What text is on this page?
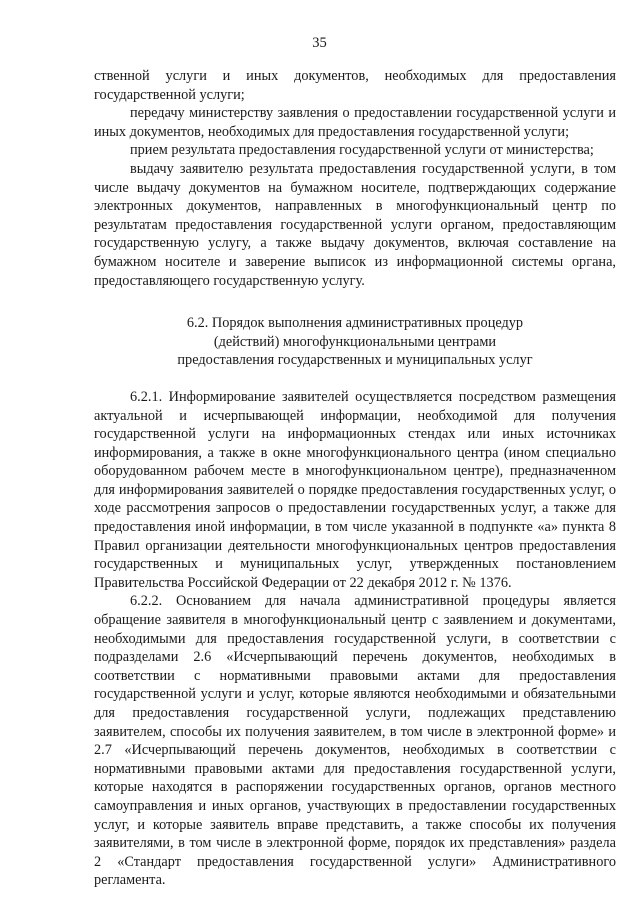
35

ственной услуги и иных документов, необходимых для предоставления государственной услуги;

передачу министерству заявления о предоставлении государственной услуги и иных документов, необходимых для предоставления государственной услуги;

прием результата предоставления государственной услуги от министерства;

выдачу заявителю результата предоставления государственной услуги, в том числе выдачу документов на бумажном носителе, подтверждающих содержание электронных документов, направленных в многофункциональный центр по результатам предоставления государственной услуги органом, предоставляющим государственную услугу, а также выдачу документов, включая составление на бумажном носителе и заверение выписок из информационной системы органа, предоставляющего государственную услугу.

6.2. Порядок выполнения административных процедур
(действий) многофункциональными центрами
предоставления государственных и муниципальных услуг

6.2.1. Информирование заявителей осуществляется посредством размещения актуальной и исчерпывающей информации, необходимой для получения государственной услуги на информационных стендах или иных источниках информирования, а также в окне многофункционального центра (ином специально оборудованном рабочем месте в многофункциональном центре), предназначенном для информирования заявителей о порядке предоставления государственных услуг, о ходе рассмотрения запросов о предоставлении государственных услуг, а также для предоставления иной информации, в том числе указанной в подпункте «а» пункта 8 Правил организации деятельности многофункциональных центров предоставления государственных и муниципальных услуг, утвержденных постановлением Правительства Российской Федерации от 22 декабря 2012 г. № 1376.

6.2.2. Основанием для начала административной процедуры является обращение заявителя в многофункциональный центр с заявлением и документами, необходимыми для предоставления государственной услуги, в соответствии с подразделами 2.6 «Исчерпывающий перечень документов, необходимых в соответствии с нормативными правовыми актами для предоставления государственной услуги и услуг, которые являются необходимыми и обязательными для предоставления государственной услуги, подлежащих представлению заявителем, способы их получения заявителем, в том числе в электронной форме» и 2.7 «Исчерпывающий перечень документов, необходимых в соответствии с нормативными правовыми актами для предоставления государственной услуги, которые находятся в распоряжении государственных органов, органов местного самоуправления и иных органов, участвующих в предоставлении государственных услуг, и которые заявитель вправе представить, а также способы их получения заявителями, в том числе в электронной форме, порядок их представления» раздела 2 «Стандарт предоставления государственной услуги» Административного регламента.
